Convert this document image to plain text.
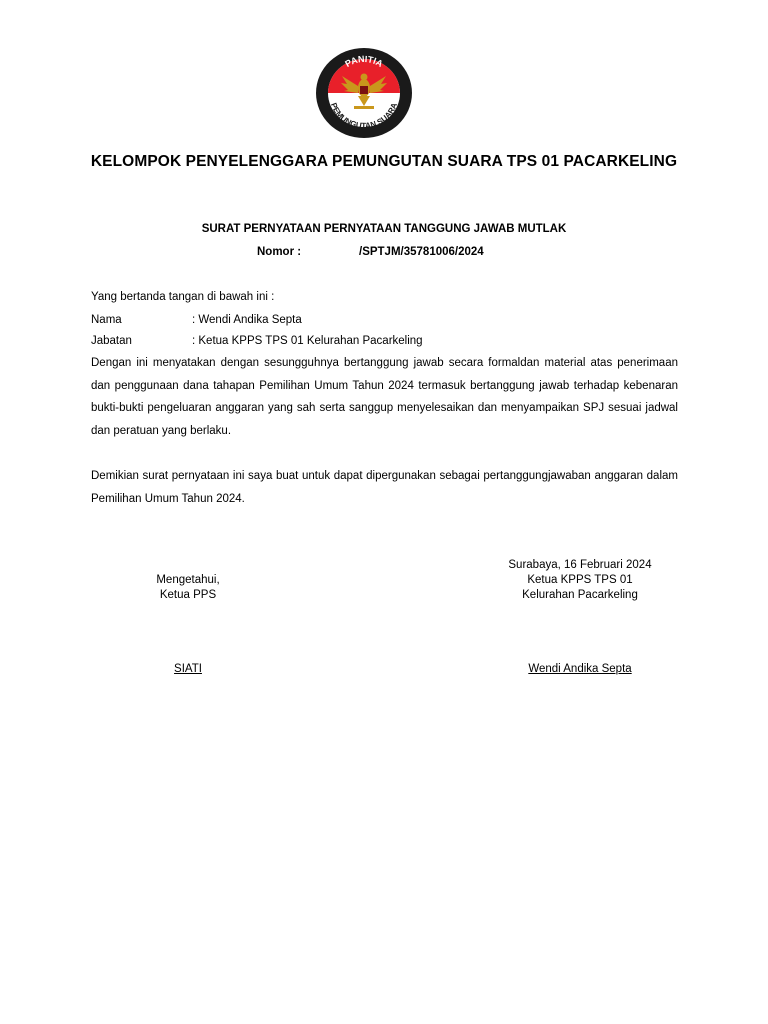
PANITIA
PEMUNGUTAN SUARA
KELOMPOK PENYELENGGARA PEMUNGUTAN SUARA TPS 01 PACARKELING
SURAT PERNYATAAN PERNYATAAN TANGGUNG JAWAB MUTLAK
Nomor :	/SPTJM/35781006/2024
Yang bertanda tangan di bawah ini :
Nama	: Wendi Andika Septa
Jabatan	: Ketua KPPS TPS 01 Kelurahan Pacarkeling
Dengan ini menyatakan dengan sesungguhnya bertanggung jawab secara formaldan material atas penerimaan dan penggunaan dana tahapan Pemilihan Umum Tahun 2024 termasuk bertanggung jawab terhadap kebenaran bukti-bukti pengeluaran anggaran yang sah serta sanggup menyelesaikan dan menyampaikan SPJ sesuai jadwal dan peratuan yang berlaku.
Demikian surat pernyataan ini saya buat untuk dapat dipergunakan sebagai pertanggungjawaban anggaran dalam Pemilihan Umum Tahun 2024.
Mengetahui,
Ketua PPS
SIATI
Surabaya, 16 Februari 2024
Ketua KPPS TPS 01
Kelurahan Pacarkeling
Wendi Andika Septa
